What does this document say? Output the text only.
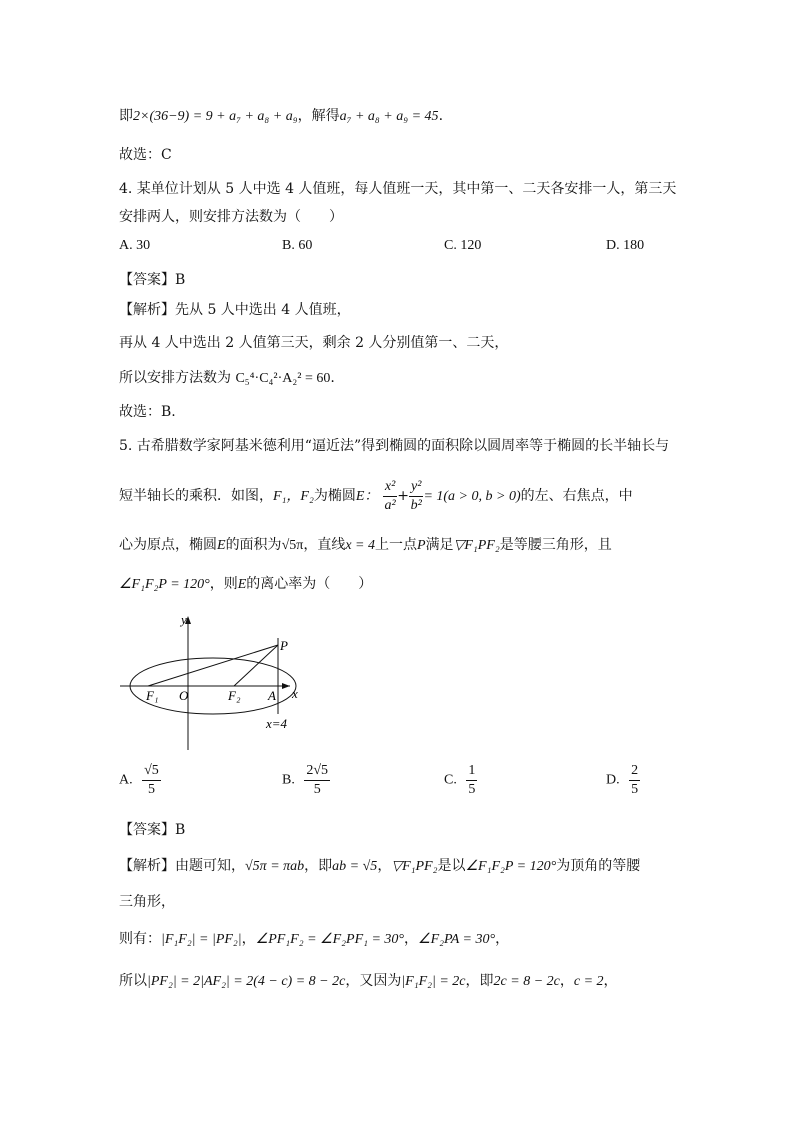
即2×(36−9) = 9 + a₇ + a₈ + a₉，解得a₇ + a₈ + a₉ = 45.
故选：C
4. 某单位计划从 5 人中选 4 人值班，每人值班一天，其中第一、二天各安排一人，第三天
安排两人，则安排方法数为（　　）
A. 30	B. 60	C. 120	D. 180
【答案】B
【解析】先从 5 人中选出 4 人值班，
再从 4 人中选出 2 人值第三天，剩余 2 人分别值第一、二天，
所以安排方法数为 C₅⁴·C₄²·A₂² = 60.
故选：B.
5. 古希腊数学家阿基米德利用“逼近法”得到椭圆的面积除以圆周率等于椭圆的长半轴长与
短半轴长的乘积．如图，F₁，F₂为椭圆E： $\frac{\text{x²}}{\text{a²}} + \frac{\text{y²}}{\text{b²}} = 1(a > 0$, b > 0)的左、右焦点，中
心为原点，椭圆E的面积为√5π，直线x = 4上一点P满足▽F₁PF₂是等腰三角形，且
∠F₁F₂P = 120°，则E的离心率为（　　）
y
P
F₁ O	F₂ A x
x=4
A. $\frac{√5}{5}$	B. $\frac{2√5}{5}$	C. $\frac{1}{5}$	D. $\frac{2}{5}$
【答案】B
【解析】由题可知，√5π = πab，即ab = √5，▽F₁PF₂是以∠F₁F₂P = 120°为顶角的等腰
三角形，
则有：|F₁F₂| = |PF₂|，∠PF₁F₂ = ∠F₂PF₁ = 30°，∠F₂PA = 30°，
所以|PF₂| = 2|AF₂| = 2(4 − c) = 8 − 2c，又因为|F₁F₂| = 2c，即2c = 8 − 2c，c = 2，
